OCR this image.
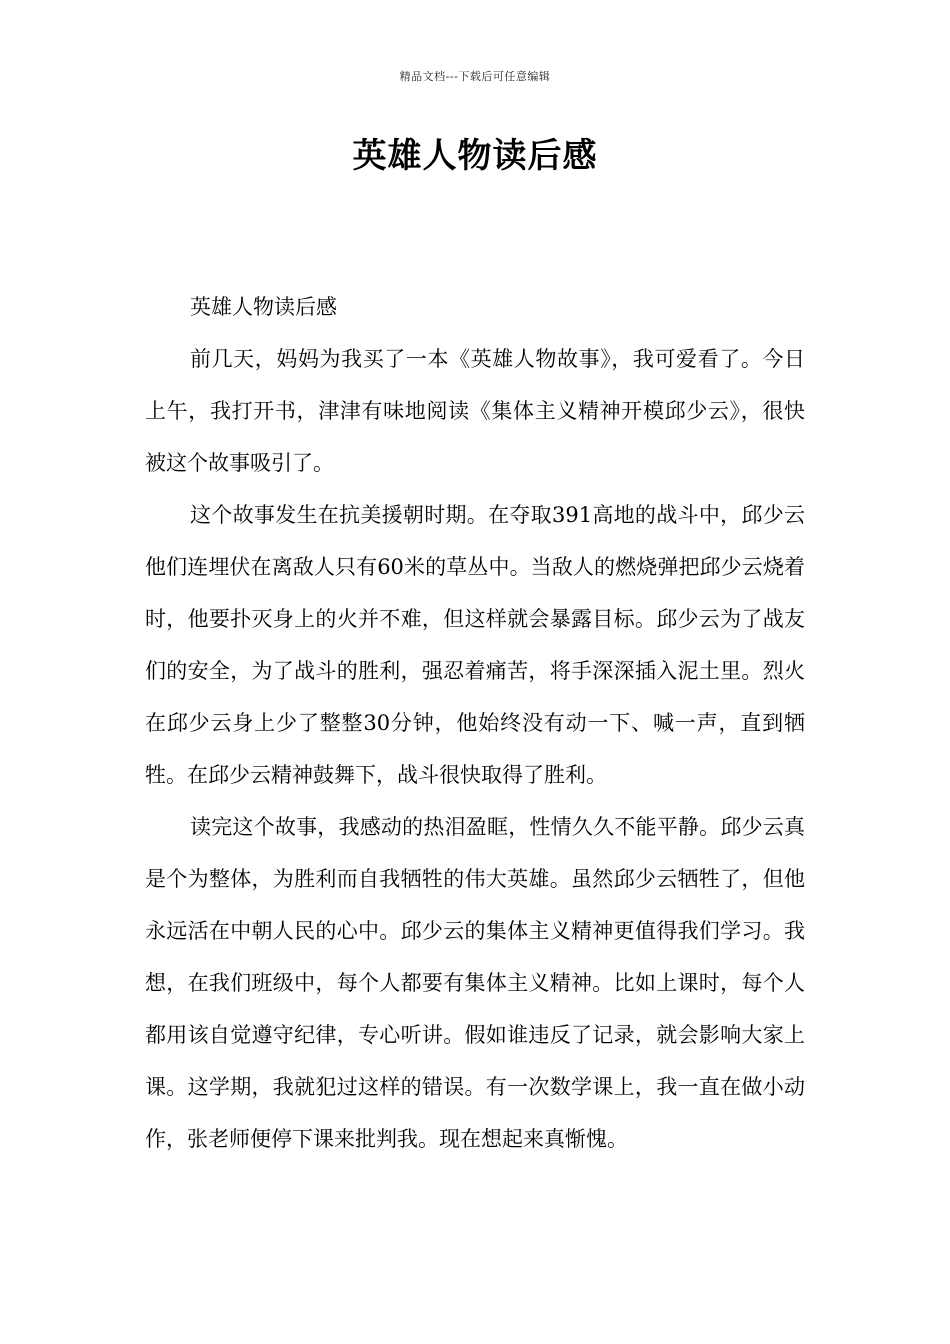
精品文档---下载后可任意编辑
英雄人物读后感

英雄人物读后感

前几天，妈妈为我买了一本《英雄人物故事》，我可爱看了。今日上午，我打开书，津津有味地阅读《集体主义精神开模邱少云》，很快被这个故事吸引了。

这个故事发生在抗美援朝时期。在夺取391高地的战斗中，邱少云他们连埋伏在离敌人只有60米的草丛中。当敌人的燃烧弹把邱少云烧着时，他要扑灭身上的火并不难，但这样就会暴露目标。邱少云为了战友们的安全，为了战斗的胜利，强忍着痛苦，将手深深插入泥土里。烈火在邱少云身上少了整整30分钟，他始终没有动一下、喊一声，直到牺牲。在邱少云精神鼓舞下，战斗很快取得了胜利。

读完这个故事，我感动的热泪盈眶，性情久久不能平静。邱少云真是个为整体，为胜利而自我牺牲的伟大英雄。虽然邱少云牺牲了，但他永远活在中朝人民的心中。邱少云的集体主义精神更值得我们学习。我想，在我们班级中，每个人都要有集体主义精神。比如上课时，每个人都用该自觉遵守纪律，专心听讲。假如谁违反了记录，就会影响大家上课。这学期，我就犯过这样的错误。有一次数学课上，我一直在做小动作，张老师便停下课来批判我。现在想起来真惭愧。
